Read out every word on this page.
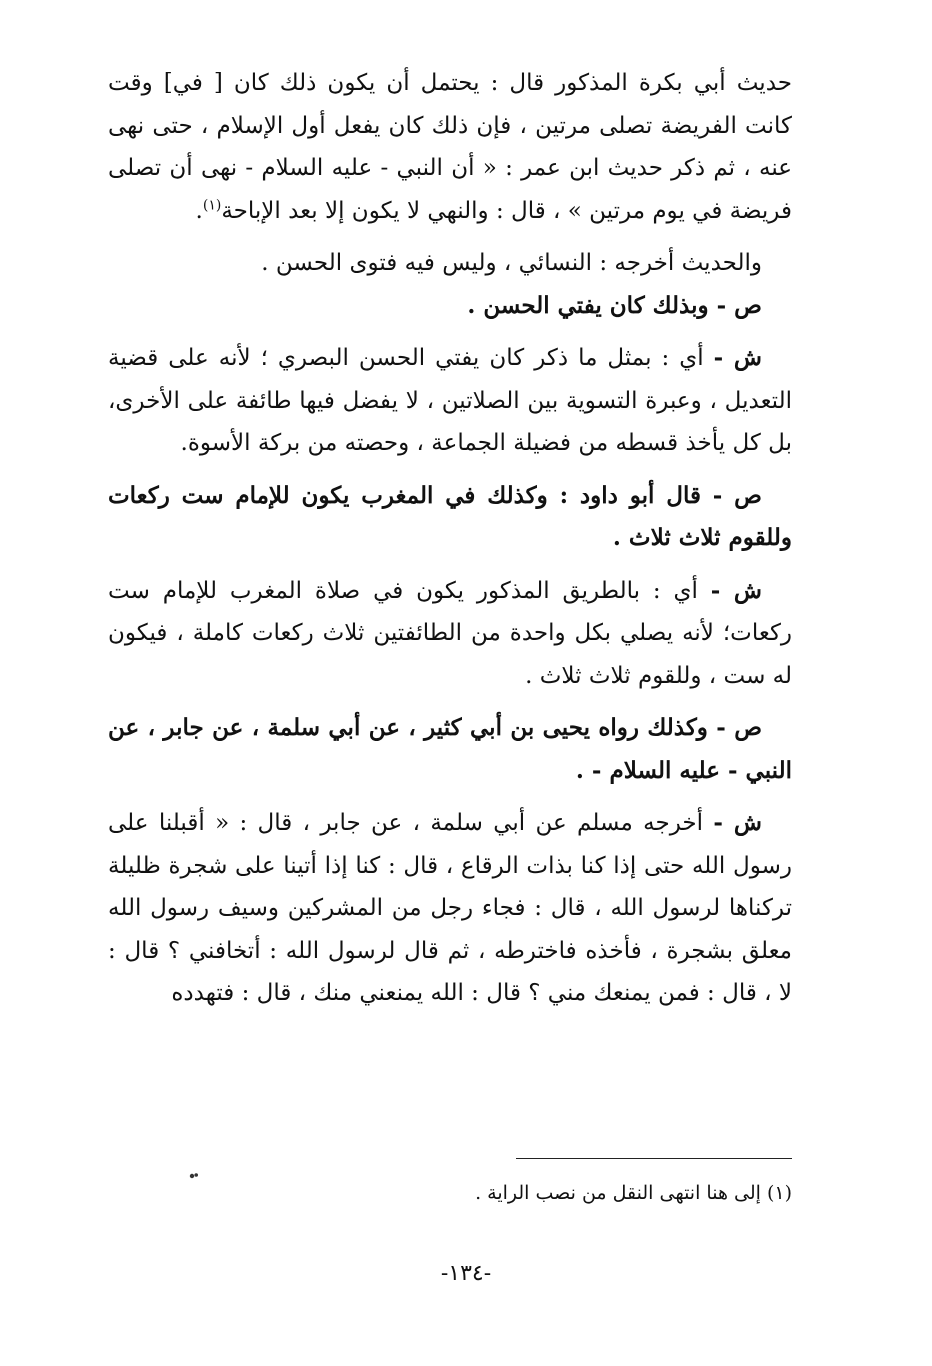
حديث أبي بكرة المذكور قال : يحتمل أن يكون ذلك كان [ في] وقت كانت الفريضة تصلى مرتين ، فإن ذلك كان يفعل أول الإسلام ، حتى نهى عنه ، ثم ذكر حديث ابن عمر : « أن النبي - عليه السلام - نهى أن تصلى فريضة في يوم مرتين » ، قال : والنهي لا يكون إلا بعد الإباحة$^{(١)}$.

والحديث أخرجه : النسائي ، وليس فيه فتوى الحسن .

ص - وبذلك كان يفتي الحسن .

ش - أي : بمثل ما ذكر كان يفتي الحسن البصري ؛ لأنه على قضية التعديل ، وعبرة التسوية بين الصلاتين ، لا يفضل فيها طائفة على الأخرى، بل كل يأخذ قسطه من فضيلة الجماعة ، وحصته من بركة الأسوة.

ص - قال أبو داود : وكذلك في المغرب يكون للإمام ست ركعات وللقوم ثلاث ثلاث .

ش - أي : بالطريق المذكور يكون في صلاة المغرب للإمام ست ركعات؛ لأنه يصلي بكل واحدة من الطائفتين ثلاث ركعات كاملة ، فيكون له ست ، وللقوم ثلاث ثلاث .

ص - وكذلك رواه يحيى بن أبي كثير ، عن أبي سلمة ، عن جابر ، عن النبي - عليه السلام - .

ش - أخرجه مسلم عن أبي سلمة ، عن جابر ، قال : « أقبلنا على رسول الله حتى إذا كنا بذات الرقاع ، قال : كنا إذا أتينا على شجرة ظليلة تركناها لرسول الله ، قال : فجاء رجل من المشركين وسيف رسول الله معلق بشجرة ، فأخذه فاخترطه ، ثم قال لرسول الله : أتخافني ؟ قال : لا ، قال : فمن يمنعك مني ؟ قال : الله يمنعني منك ، قال : فتهدده

(١) إلى هنا انتهى النقل من نصب الراية .

-١٣٤-
